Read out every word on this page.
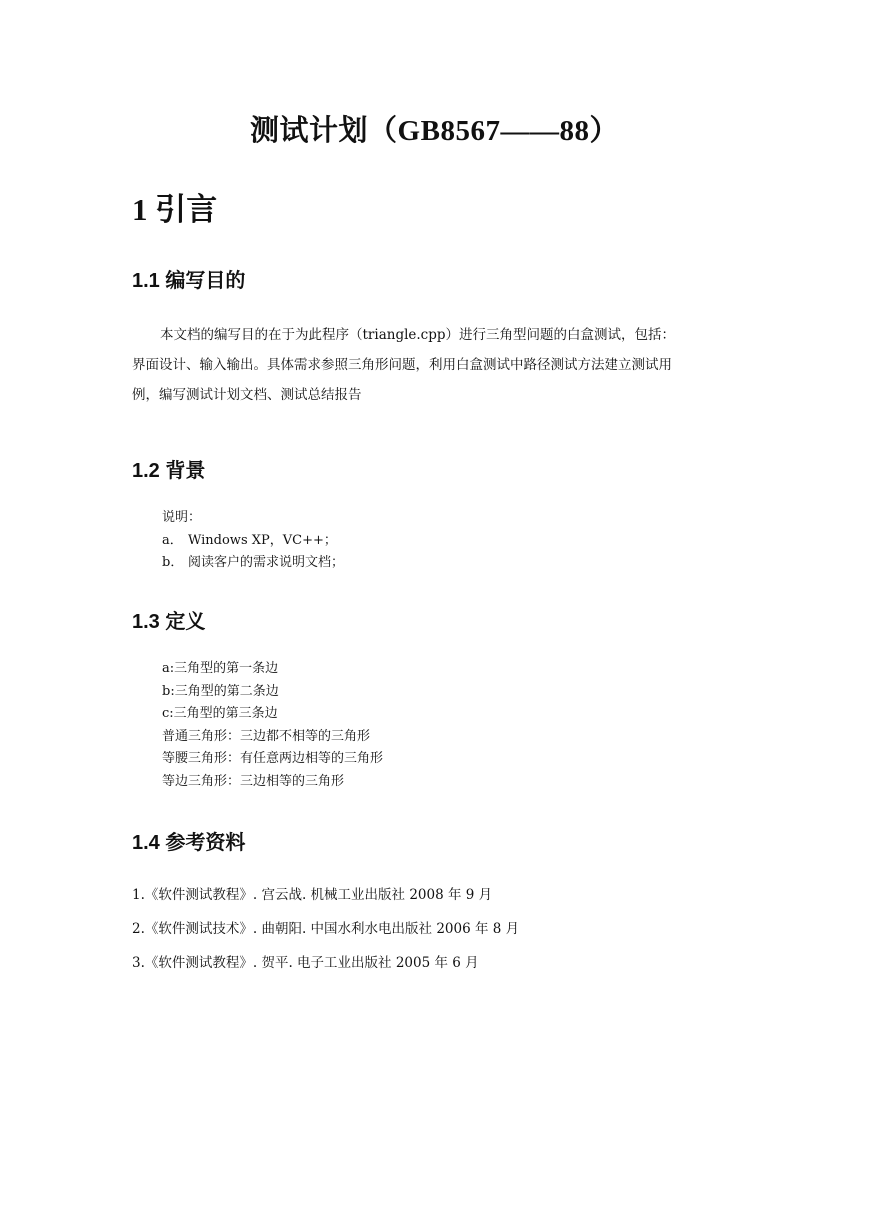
测试计划（GB8567——88）
1 引言
1.1 编写目的

本文档的编写目的在于为此程序（triangle.cpp）进行三角型问题的白盒测试，包括：

界面设计、输入输出。具体需求参照三角形问题，利用白盒测试中路径测试方法建立测试用

例，编写测试计划文档、测试总结报告

1.2 背景
说明：
a． Windows XP，VC++；
b． 阅读客户的需求说明文档；
1.3 定义
a:三角型的第一条边
b:三角型的第二条边
c:三角型的第三条边
普通三角形：三边都不相等的三角形
等腰三角形：有任意两边相等的三角形
等边三角形：三边相等的三角形
1.4 参考资料
1.《软件测试教程》. 宫云战. 机械工业出版社 2008 年 9 月
2.《软件测试技术》. 曲朝阳. 中国水利水电出版社 2006 年 8 月
3.《软件测试教程》. 贺平. 电子工业出版社 2005 年 6 月
